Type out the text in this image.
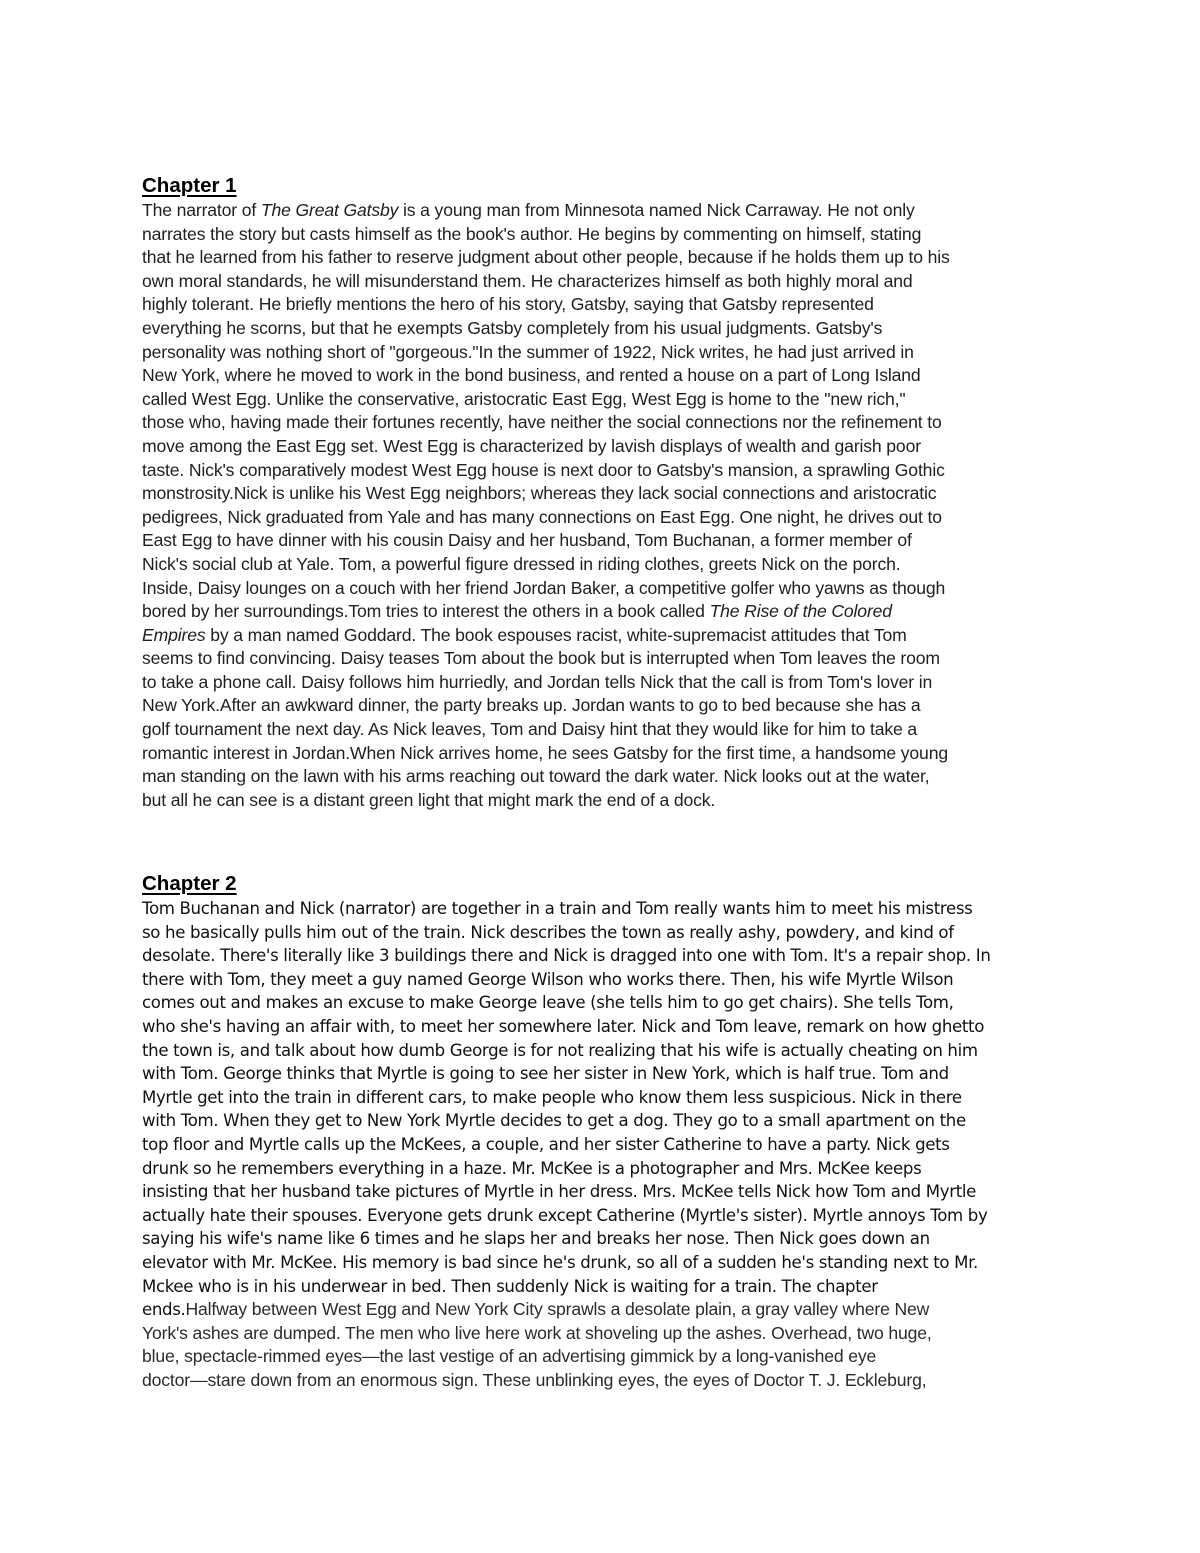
Chapter 1
The narrator of The Great Gatsby is a young man from Minnesota named Nick Carraway. He not only
narrates the story but casts himself as the book's author. He begins by commenting on himself, stating
that he learned from his father to reserve judgment about other people, because if he holds them up to his
own moral standards, he will misunderstand them. He characterizes himself as both highly moral and
highly tolerant. He briefly mentions the hero of his story, Gatsby, saying that Gatsby represented
everything he scorns, but that he exempts Gatsby completely from his usual judgments. Gatsby's
personality was nothing short of "gorgeous."In the summer of 1922, Nick writes, he had just arrived in
New York, where he moved to work in the bond business, and rented a house on a part of Long Island
called West Egg. Unlike the conservative, aristocratic East Egg, West Egg is home to the "new rich,"
those who, having made their fortunes recently, have neither the social connections nor the refinement to
move among the East Egg set. West Egg is characterized by lavish displays of wealth and garish poor
taste. Nick's comparatively modest West Egg house is next door to Gatsby's mansion, a sprawling Gothic
monstrosity.Nick is unlike his West Egg neighbors; whereas they lack social connections and aristocratic
pedigrees, Nick graduated from Yale and has many connections on East Egg. One night, he drives out to
East Egg to have dinner with his cousin Daisy and her husband, Tom Buchanan, a former member of
Nick's social club at Yale. Tom, a powerful figure dressed in riding clothes, greets Nick on the porch.
Inside, Daisy lounges on a couch with her friend Jordan Baker, a competitive golfer who yawns as though
bored by her surroundings.Tom tries to interest the others in a book called The Rise of the Colored
Empires by a man named Goddard. The book espouses racist, white-supremacist attitudes that Tom
seems to find convincing. Daisy teases Tom about the book but is interrupted when Tom leaves the room
to take a phone call. Daisy follows him hurriedly, and Jordan tells Nick that the call is from Tom's lover in
New York.After an awkward dinner, the party breaks up. Jordan wants to go to bed because she has a
golf tournament the next day. As Nick leaves, Tom and Daisy hint that they would like for him to take a
romantic interest in Jordan.When Nick arrives home, he sees Gatsby for the first time, a handsome young
man standing on the lawn with his arms reaching out toward the dark water. Nick looks out at the water,
but all he can see is a distant green light that might mark the end of a dock.
Chapter 2
Tom Buchanan and Nick (narrator) are together in a train and Tom really wants him to meet his mistress
so he basically pulls him out of the train. Nick describes the town as really ashy, powdery, and kind of
desolate. There's literally like 3 buildings there and Nick is dragged into one with Tom. It's a repair shop. In
there with Tom, they meet a guy named George Wilson who works there. Then, his wife Myrtle Wilson
comes out and makes an excuse to make George leave (she tells him to go get chairs). She tells Tom,
who she's having an affair with, to meet her somewhere later. Nick and Tom leave, remark on how ghetto
the town is, and talk about how dumb George is for not realizing that his wife is actually cheating on him
with Tom. George thinks that Myrtle is going to see her sister in New York, which is half true. Tom and
Myrtle get into the train in different cars, to make people who know them less suspicious. Nick in there
with Tom. When they get to New York Myrtle decides to get a dog. They go to a small apartment on the
top floor and Myrtle calls up the McKees, a couple, and her sister Catherine to have a party. Nick gets
drunk so he remembers everything in a haze. Mr. McKee is a photographer and Mrs. McKee keeps
insisting that her husband take pictures of Myrtle in her dress. Mrs. McKee tells Nick how Tom and Myrtle
actually hate their spouses. Everyone gets drunk except Catherine (Myrtle's sister). Myrtle annoys Tom by
saying his wife's name like 6 times and he slaps her and breaks her nose. Then Nick goes down an
elevator with Mr. McKee. His memory is bad since he's drunk, so all of a sudden he's standing next to Mr.
Mckee who is in his underwear in bed. Then suddenly Nick is waiting for a train. The chapter
ends.Halfway between West Egg and New York City sprawls a desolate plain, a gray valley where New
York's ashes are dumped. The men who live here work at shoveling up the ashes. Overhead, two huge,
blue, spectacle-rimmed eyes—the last vestige of an advertising gimmick by a long-vanished eye
doctor—stare down from an enormous sign. These unblinking eyes, the eyes of Doctor T. J. Eckleburg,
